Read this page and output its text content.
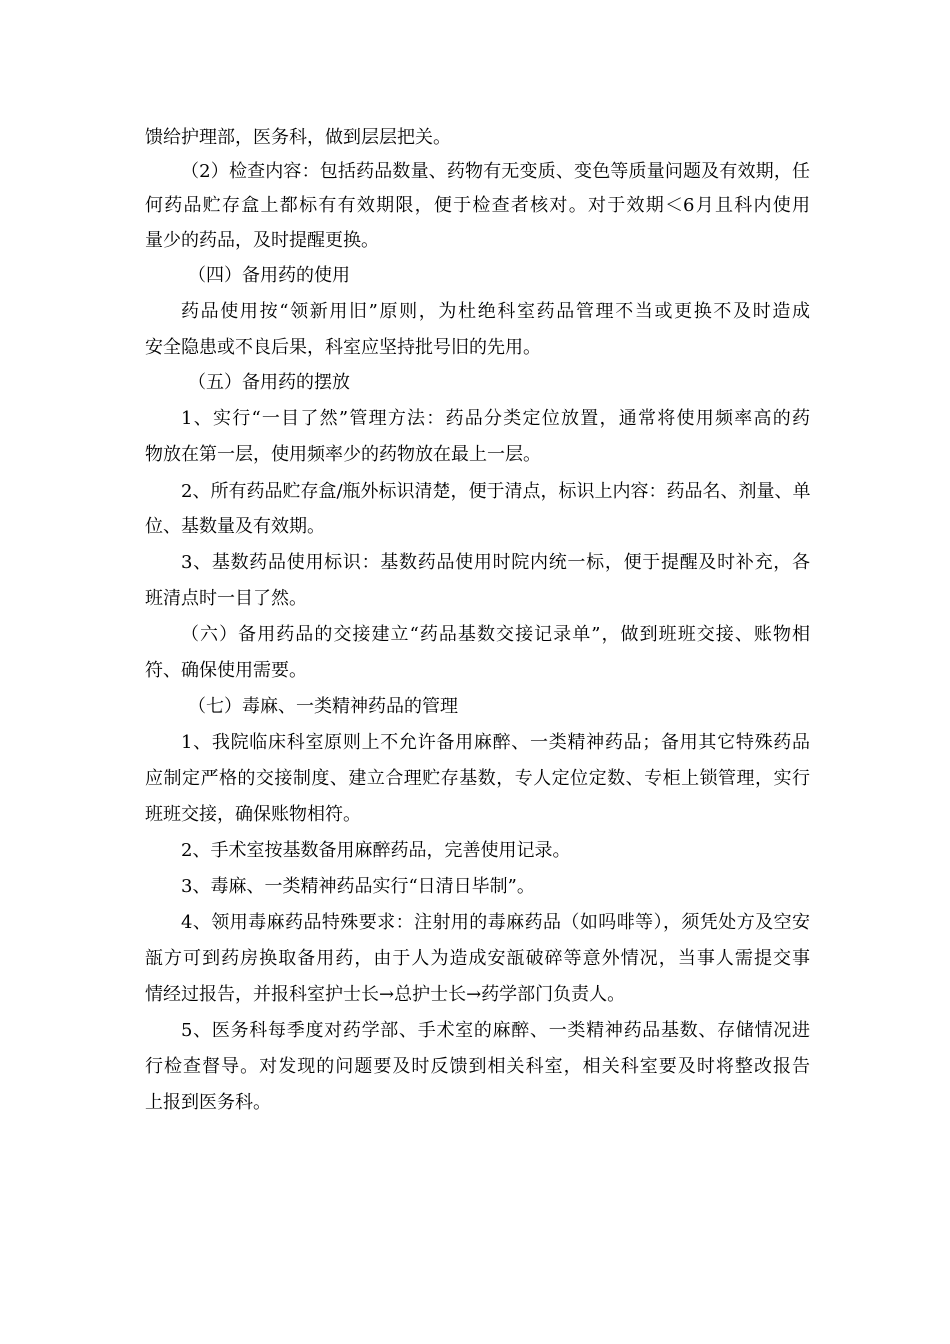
馈给护理部，医务科，做到层层把关。
（2）检查内容：包括药品数量、药物有无变质、变色等质量问题及有效期，任
何药品贮存盒上都标有有效期限，便于检查者核对。对于效期＜6月且科内使用
量少的药品，及时提醒更换。
（四）备用药的使用
药品使用按“领新用旧”原则，为杜绝科室药品管理不当或更换不及时造成
安全隐患或不良后果，科室应坚持批号旧的先用。
（五）备用药的摆放
1、实行“一目了然”管理方法：药品分类定位放置，通常将使用频率高的药
物放在第一层，使用频率少的药物放在最上一层。
2、所有药品贮存盒/瓶外标识清楚，便于清点，标识上内容：药品名、剂量、单
位、基数量及有效期。
3、基数药品使用标识：基数药品使用时院内统一标，便于提醒及时补充，各
班清点时一目了然。
（六）备用药品的交接建立“药品基数交接记录单”，做到班班交接、账物相
符、确保使用需要。
（七）毒麻、一类精神药品的管理
1、我院临床科室原则上不允许备用麻醉、一类精神药品；备用其它特殊药品
应制定严格的交接制度、建立合理贮存基数，专人定位定数、专柜上锁管理，实行
班班交接，确保账物相符。
2、手术室按基数备用麻醉药品，完善使用记录。
3、毒麻、一类精神药品实行“日清日毕制”。
4、领用毒麻药品特殊要求：注射用的毒麻药品（如吗啡等），须凭处方及空安
瓿方可到药房换取备用药，由于人为造成安瓿破碎等意外情况，当事人需提交事
情经过报告，并报科室护士长→总护士长→药学部门负责人。
5、医务科每季度对药学部、手术室的麻醉、一类精神药品基数、存储情况进
行检查督导。对发现的问题要及时反馈到相关科室，相关科室要及时将整改报告
上报到医务科。
